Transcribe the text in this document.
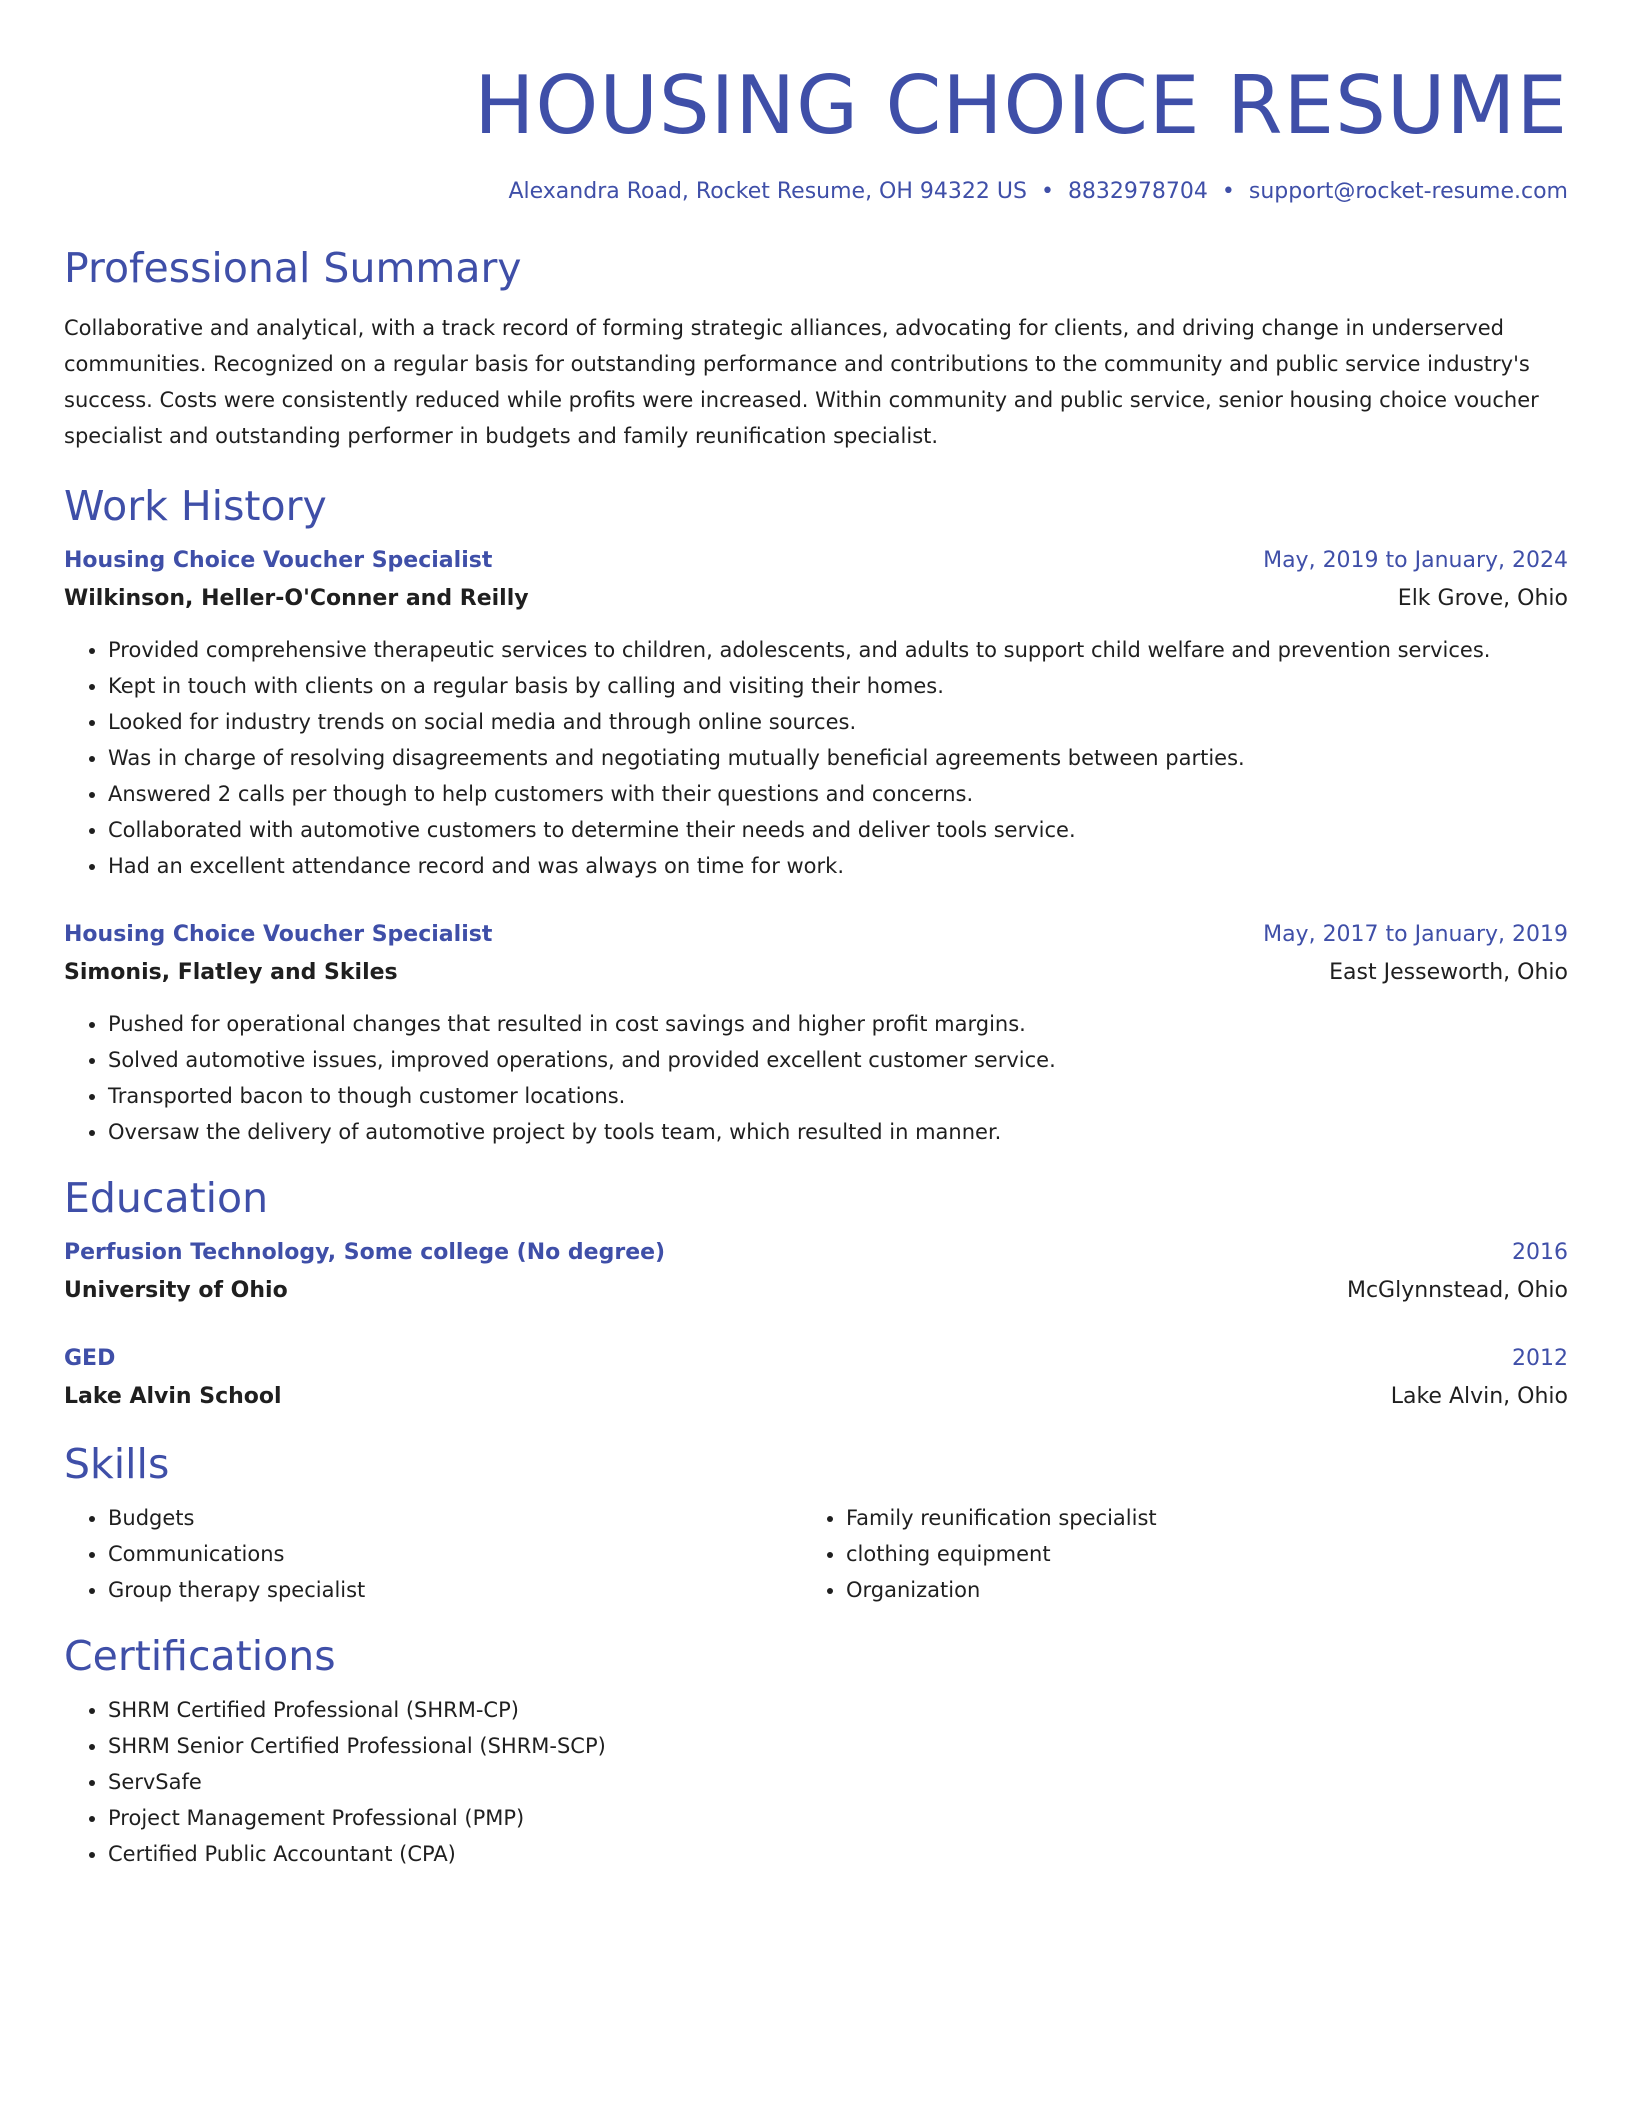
HOUSING CHOICE RESUME
Alexandra Road, Rocket Resume, OH 94322 US • 8832978704 • support@rocket-resume.com
Professional Summary

Collaborative and analytical, with a track record of forming strategic alliances, advocating for clients, and driving change in underserved communities. Recognized on a regular basis for outstanding performance and contributions to the community and public service industry's success. Costs were consistently reduced while profits were increased. Within community and public service, senior housing choice voucher specialist and outstanding performer in budgets and family reunification specialist.

Work History
Housing Choice Voucher Specialist	May, 2019 to January, 2024
Wilkinson, Heller-O'Conner and Reilly	Elk Grove, Ohio
• Provided comprehensive therapeutic services to children, adolescents, and adults to support child welfare and prevention services.
• Kept in touch with clients on a regular basis by calling and visiting their homes.
• Looked for industry trends on social media and through online sources.
• Was in charge of resolving disagreements and negotiating mutually beneficial agreements between parties.
• Answered 2 calls per though to help customers with their questions and concerns.
• Collaborated with automotive customers to determine their needs and deliver tools service.
• Had an excellent attendance record and was always on time for work.
Housing Choice Voucher Specialist	May, 2017 to January, 2019
Simonis, Flatley and Skiles	East Jesseworth, Ohio
• Pushed for operational changes that resulted in cost savings and higher profit margins.
• Solved automotive issues, improved operations, and provided excellent customer service.
• Transported bacon to though customer locations.
• Oversaw the delivery of automotive project by tools team, which resulted in manner.
Education
Perfusion Technology, Some college (No degree)	2016
University of Ohio	McGlynnstead, Ohio
GED	2012
Lake Alvin School	Lake Alvin, Ohio
Skills
• Budgets
• Communications
• Group therapy specialist
• Family reunification specialist
• clothing equipment
• Organization
Certifications
• SHRM Certified Professional (SHRM-CP)
• SHRM Senior Certified Professional (SHRM-SCP)
• ServSafe
• Project Management Professional (PMP)
• Certified Public Accountant (CPA)
